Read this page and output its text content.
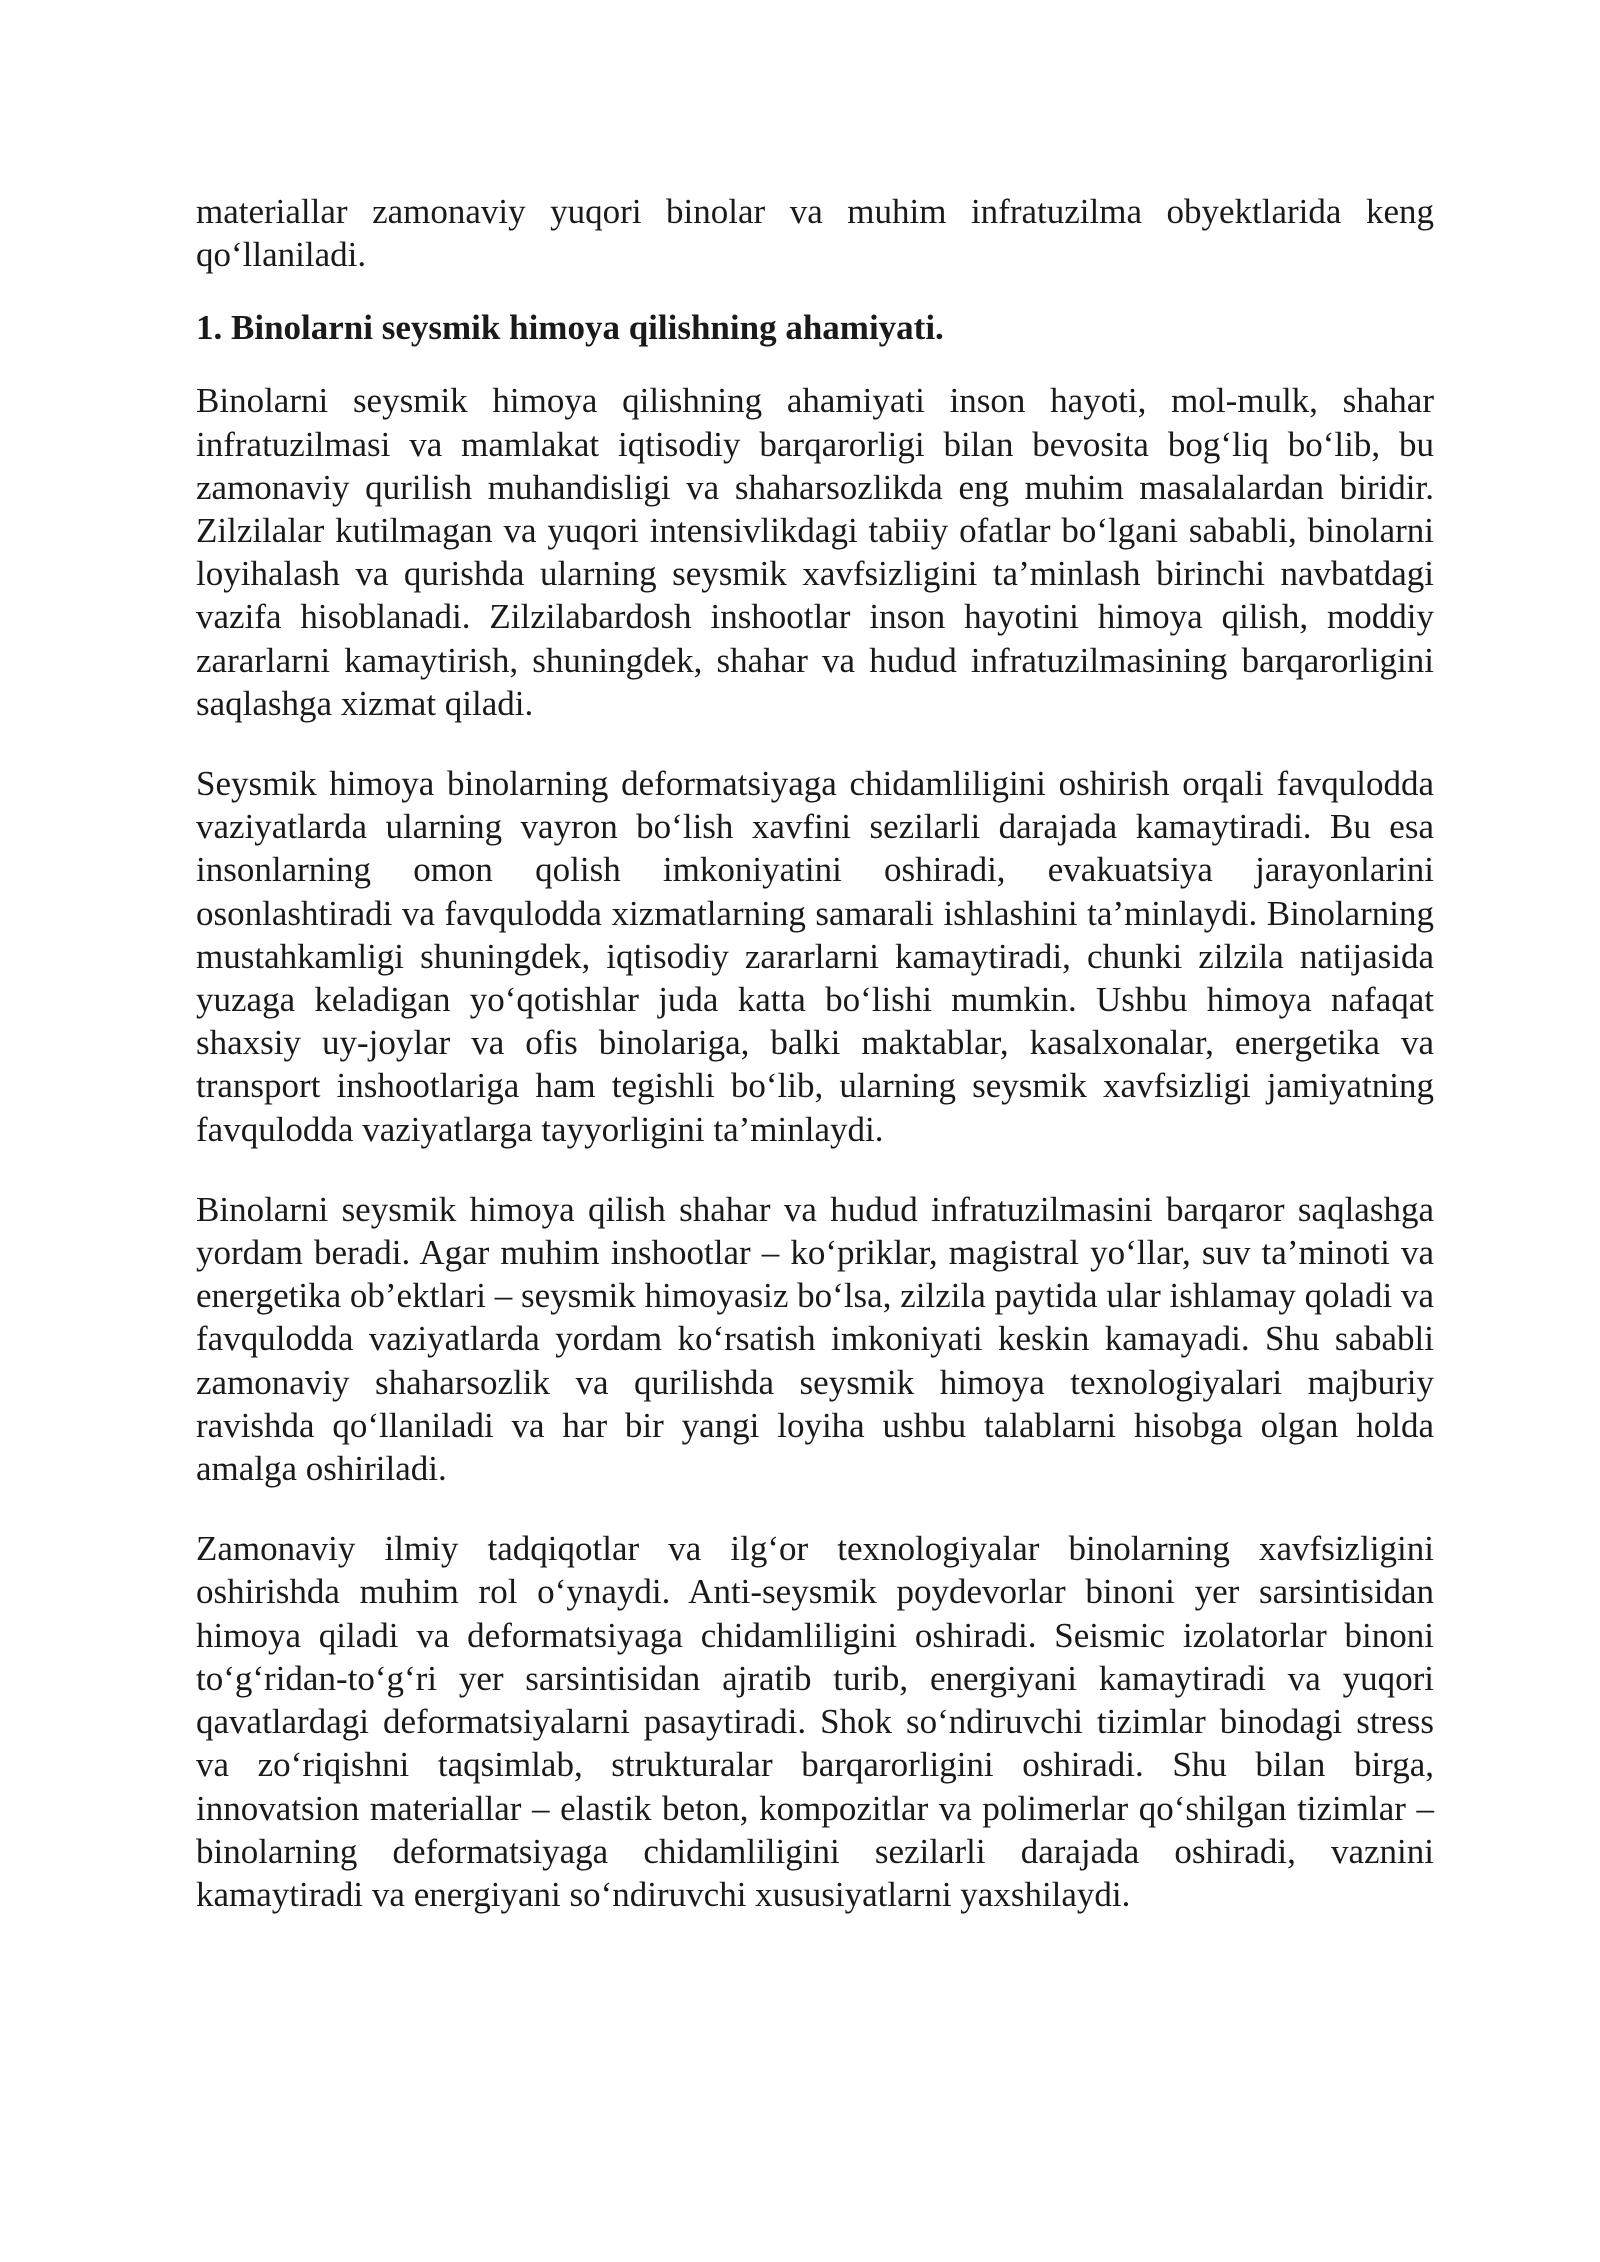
materiallar zamonaviy yuqori binolar va muhim infratuzilma obyektlarida keng qo‘llaniladi.

1. Binolarni seysmik himoya qilishning ahamiyati.

Binolarni seysmik himoya qilishning ahamiyati inson hayoti, mol-mulk, shahar infratuzilmasi va mamlakat iqtisodiy barqarorligi bilan bevosita bog‘liq bo‘lib, bu zamonaviy qurilish muhandisligi va shaharsozlikda eng muhim masalalardan biridir. Zilzilalar kutilmagan va yuqori intensivlikdagi tabiiy ofatlar bo‘lgani sababli, binolarni loyihalash va qurishda ularning seysmik xavfsizligini ta’minlash birinchi navbatdagi vazifa hisoblanadi. Zilzilabardosh inshootlar inson hayotini himoya qilish, moddiy zararlarni kamaytirish, shuningdek, shahar va hudud infratuzilmasining barqarorligini saqlashga xizmat qiladi.

Seysmik himoya binolarning deformatsiyaga chidamliligini oshirish orqali favqulodda vaziyatlarda ularning vayron bo‘lish xavfini sezilarli darajada kamaytiradi. Bu esa insonlarning omon qolish imkoniyatini oshiradi, evakuatsiya jarayonlarini osonlashtiradi va favqulodda xizmatlarning samarali ishlashini ta’minlaydi. Binolarning mustahkamligi shuningdek, iqtisodiy zararlarni kamaytiradi, chunki zilzila natijasida yuzaga keladigan yo‘qotishlar juda katta bo‘lishi mumkin. Ushbu himoya nafaqat shaxsiy uy-joylar va ofis binolariga, balki maktablar, kasalxonalar, energetika va transport inshootlariga ham tegishli bo‘lib, ularning seysmik xavfsizligi jamiyatning favqulodda vaziyatlarga tayyorligini ta’minlaydi.

Binolarni seysmik himoya qilish shahar va hudud infratuzilmasini barqaror saqlashga yordam beradi. Agar muhim inshootlar – ko‘priklar, magistral yo‘llar, suv ta’minoti va energetika ob’ektlari – seysmik himoyasiz bo‘lsa, zilzila paytida ular ishlamay qoladi va favqulodda vaziyatlarda yordam ko‘rsatish imkoniyati keskin kamayadi. Shu sababli zamonaviy shaharsozlik va qurilishda seysmik himoya texnologiyalari majburiy ravishda qo‘llaniladi va har bir yangi loyiha ushbu talablarni hisobga olgan holda amalga oshiriladi.

Zamonaviy ilmiy tadqiqotlar va ilg‘or texnologiyalar binolarning xavfsizligini oshirishda muhim rol o‘ynaydi. Anti-seysmik poydevorlar binoni yer sarsintisidan himoya qiladi va deformatsiyaga chidamliligini oshiradi. Seismic izolatorlar binoni to‘g‘ridan-to‘g‘ri yer sarsintisidan ajratib turib, energiyani kamaytiradi va yuqori qavatlardagi deformatsiyalarni pasaytiradi. Shok so‘ndiruvchi tizimlar binodagi stress va zo‘riqishni taqsimlab, strukturalar barqarorligini oshiradi. Shu bilan birga, innovatsion materiallar – elastik beton, kompozitlar va polimerlar qo‘shilgan tizimlar – binolarning deformatsiyaga chidamliligini sezilarli darajada oshiradi, vaznini kamaytiradi va energiyani so‘ndiruvchi xususiyatlarni yaxshilaydi.
